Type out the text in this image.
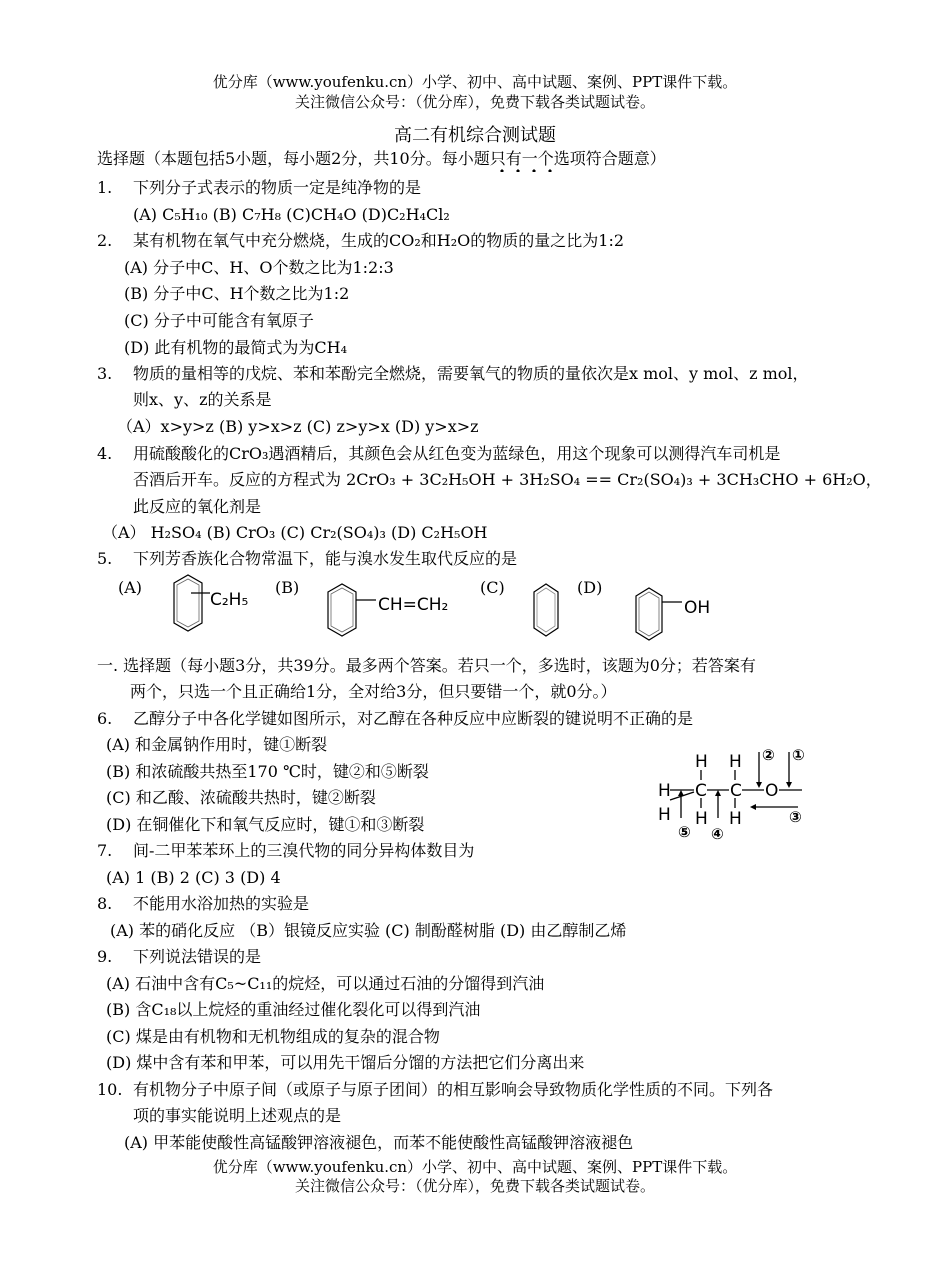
优分库（www.youfenku.cn）小学、初中、高中试题、案例、PPT课件下载。
关注微信公众号：（优分库），免费下载各类试题试卷。
高二有机综合测试题
选择题（本题包括5小题，每小题2分，共10分。每小题只有一个选项符合题意）
1. 下列分子式表示的物质一定是纯净物的是
(A) C₅H₁₀ (B) C₇H₈ (C)CH₄O (D)C₂H₄Cl₂
2. 某有机物在氧气中充分燃烧，生成的CO₂和H₂O的物质的量之比为1:2
(A) 分子中C、H、O个数之比为1:2:3
(B) 分子中C、H个数之比为1:2
(C) 分子中可能含有氧原子
(D) 此有机物的最简式为为CH₄
3. 物质的量相等的戊烷、苯和苯酚完全燃烧，需要氧气的物质的量依次是x mol、y mol、z mol，
则x、y、z的关系是
（A）x>y>z (B) y>x>z (C) z>y>x (D) y>x>z
4. 用硫酸酸化的CrO₃遇酒精后，其颜色会从红色变为蓝绿色，用这个现象可以测得汽车司机是
否酒后开车。反应的方程式为 2CrO₃ + 3C₂H₅OH + 3H₂SO₄ == Cr₂(SO₄)₃ + 3CH₃CHO + 6H₂O，
此反应的氧化剂是
（A） H₂SO₄ (B) CrO₃ (C) Cr₂(SO₄)₃ (D) C₂H₅OH
5. 下列芳香族化合物常温下，能与溴水发生取代反应的是
(A)	(B)	(C)	(D)
C₂H₅	CH=CH₂	OH
一. 选择题（每小题3分，共39分。最多两个答案。若只一个，多选时，该题为0分；若答案有
两个，只选一个且正确给1分，全对给3分，但只要错一个，就0分。）
6. 乙醇分子中各化学键如图所示，对乙醇在各种反应中应断裂的键说明不正确的是
(A) 和金属钠作用时，键①断裂
(B) 和浓硫酸共热至170 ℃时，键②和⑤断裂
(C) 和乙酸、浓硫酸共热时，键②断裂
(D) 在铜催化下和氧气反应时，键①和③断裂
H H
H C C O
H H H
② ①
③
⑤ ④
7. 间-二甲苯苯环上的三溴代物的同分异构体数目为
(A) 1 (B) 2 (C) 3 (D) 4
8. 不能用水浴加热的实验是
(A) 苯的硝化反应 （B）银镜反应实验 (C) 制酚醛树脂 (D) 由乙醇制乙烯
9. 下列说法错误的是
(A) 石油中含有C₅~C₁₁的烷烃，可以通过石油的分馏得到汽油
(B) 含C₁₈以上烷烃的重油经过催化裂化可以得到汽油
(C) 煤是由有机物和无机物组成的复杂的混合物
(D) 煤中含有苯和甲苯，可以用先干馏后分馏的方法把它们分离出来
10. 有机物分子中原子间（或原子与原子团间）的相互影响会导致物质化学性质的不同。下列各
项的事实能说明上述观点的是
(A) 甲苯能使酸性高锰酸钾溶液褪色，而苯不能使酸性高锰酸钾溶液褪色
优分库（www.youfenku.cn）小学、初中、高中试题、案例、PPT课件下载。
关注微信公众号：（优分库），免费下载各类试题试卷。
